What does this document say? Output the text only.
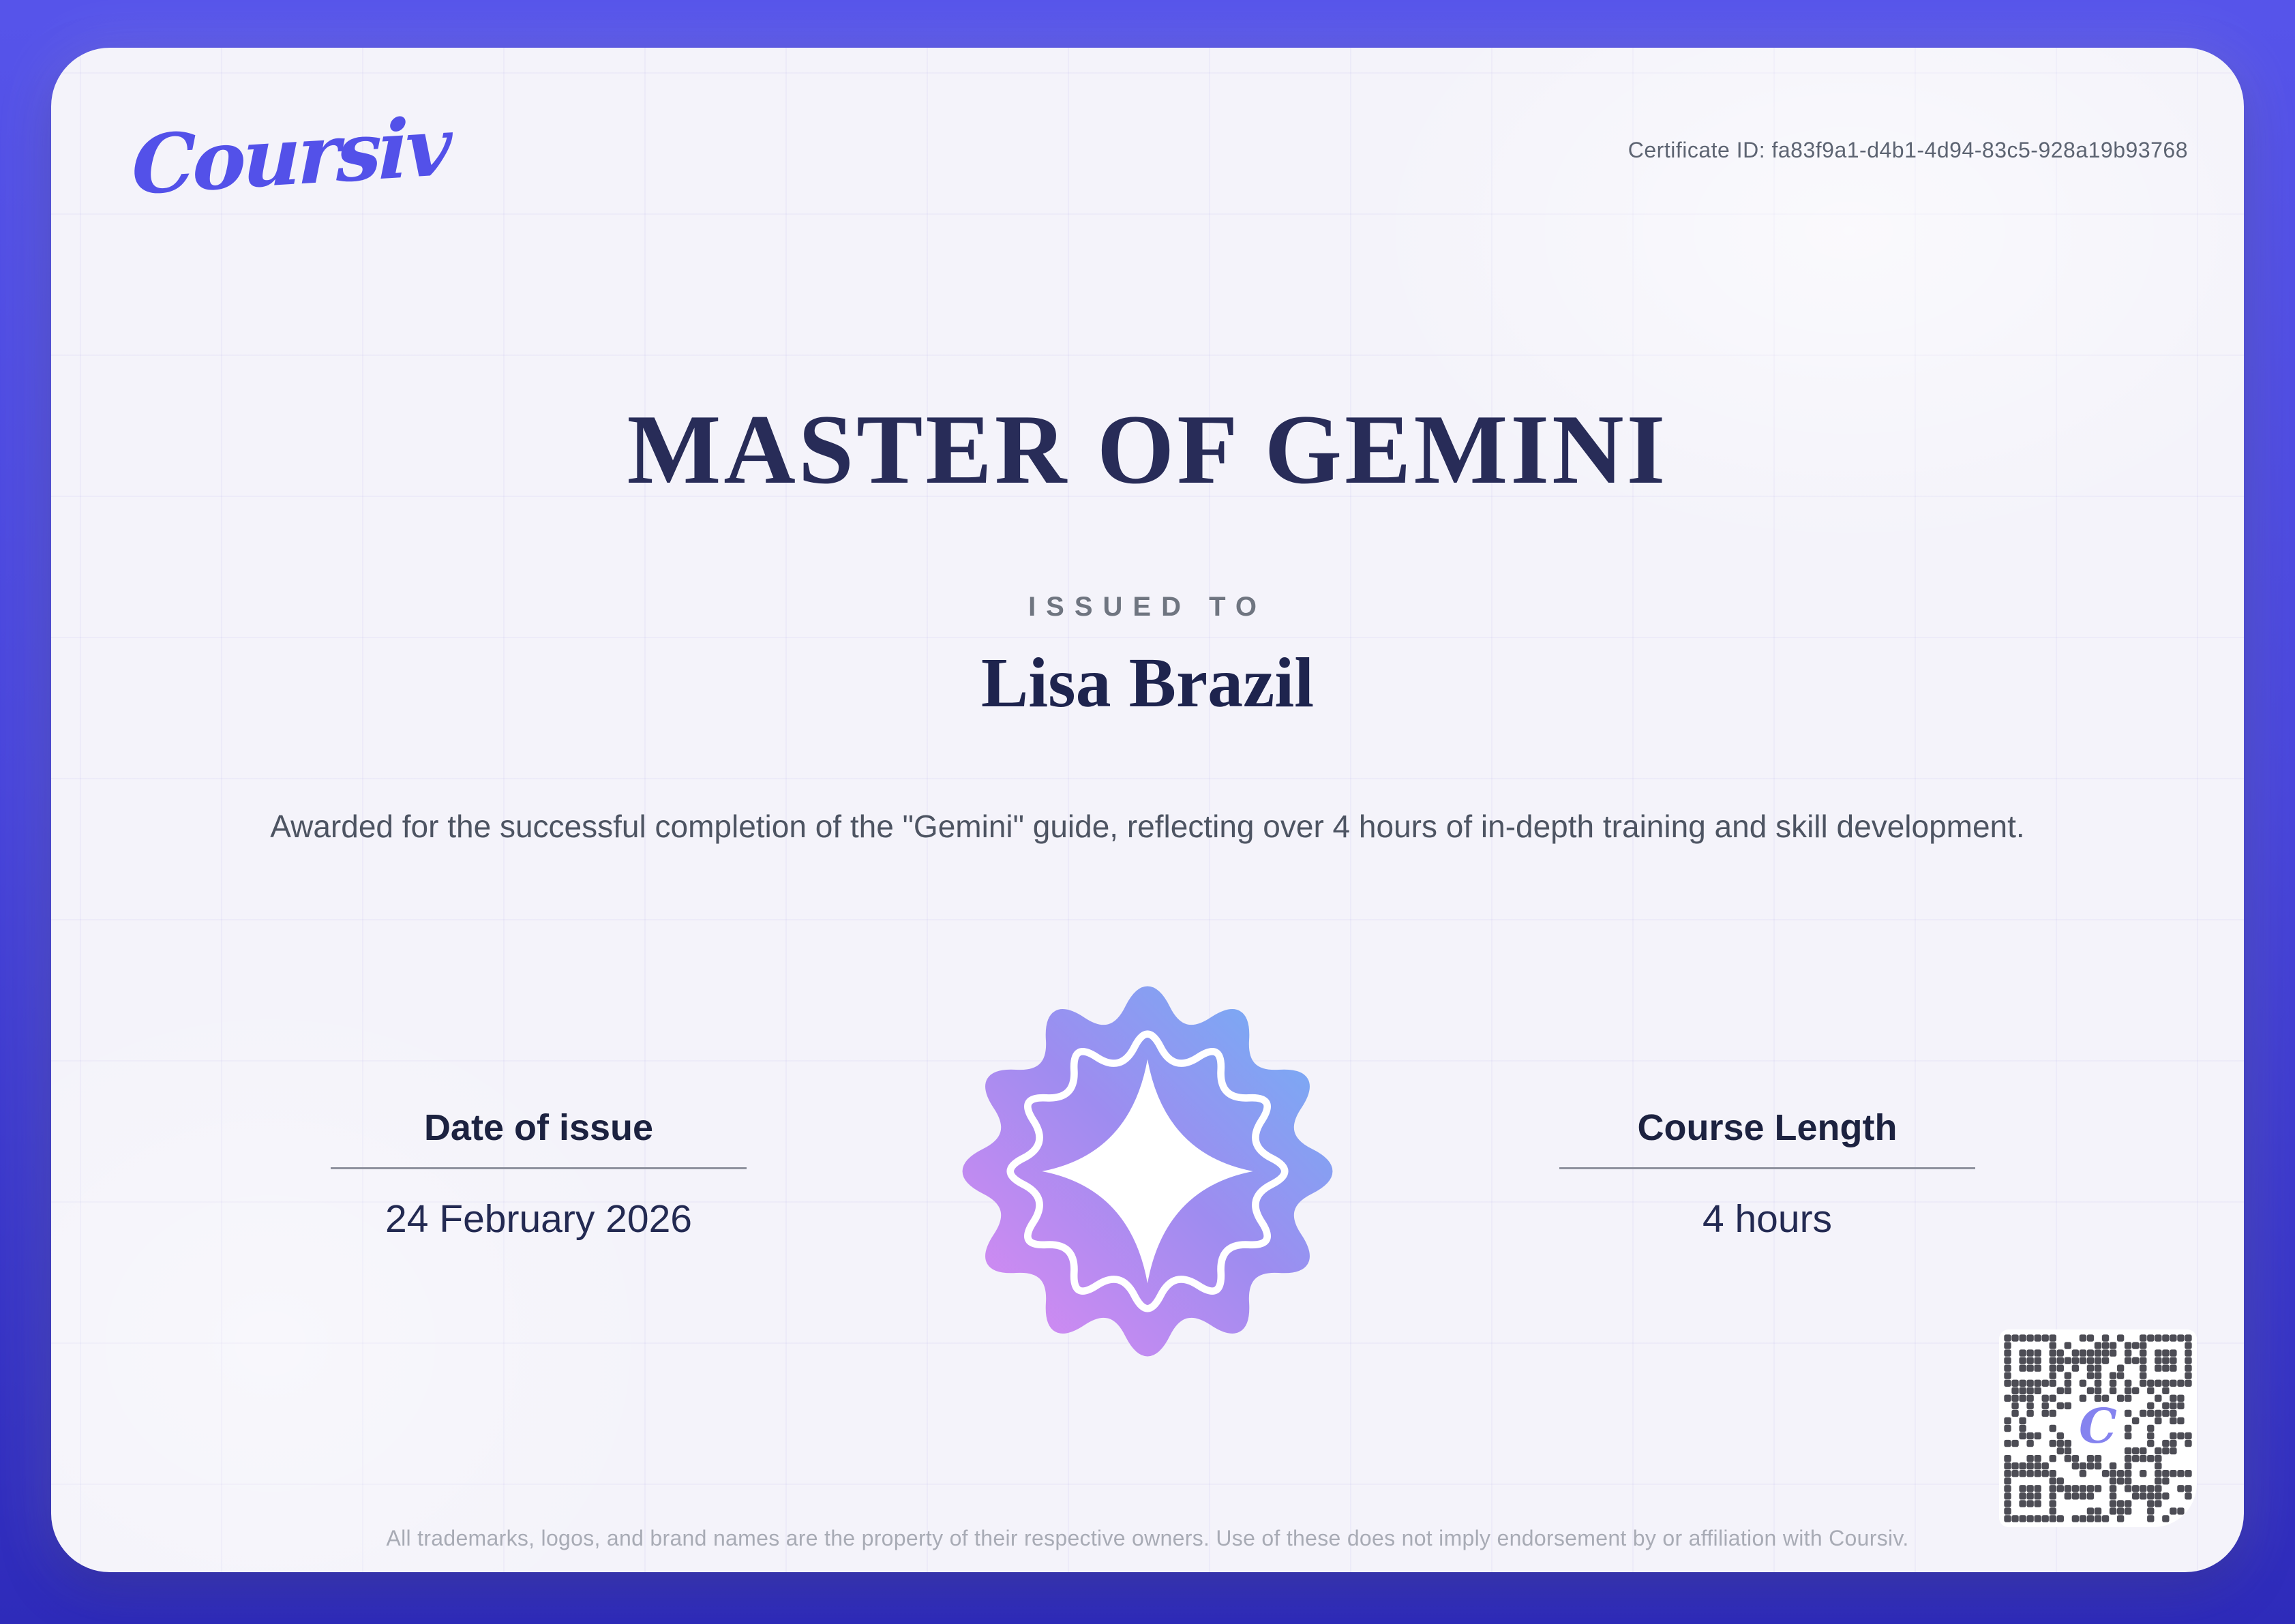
Coursiv	Certificate ID: fa83f9a1-d4b1-4d94-83c5-928a19b93768
MASTER OF GEMINI
ISSUED TO
Lisa Brazil
Awarded for the successful completion of the "Gemini" guide, reflecting over 4 hours of in-depth training and skill development.
Date of issue
24 February 2026
Course Length
4 hours
C
All trademarks, logos, and brand names are the property of their respective owners. Use of these does not imply endorsement by or affiliation with Coursiv.
